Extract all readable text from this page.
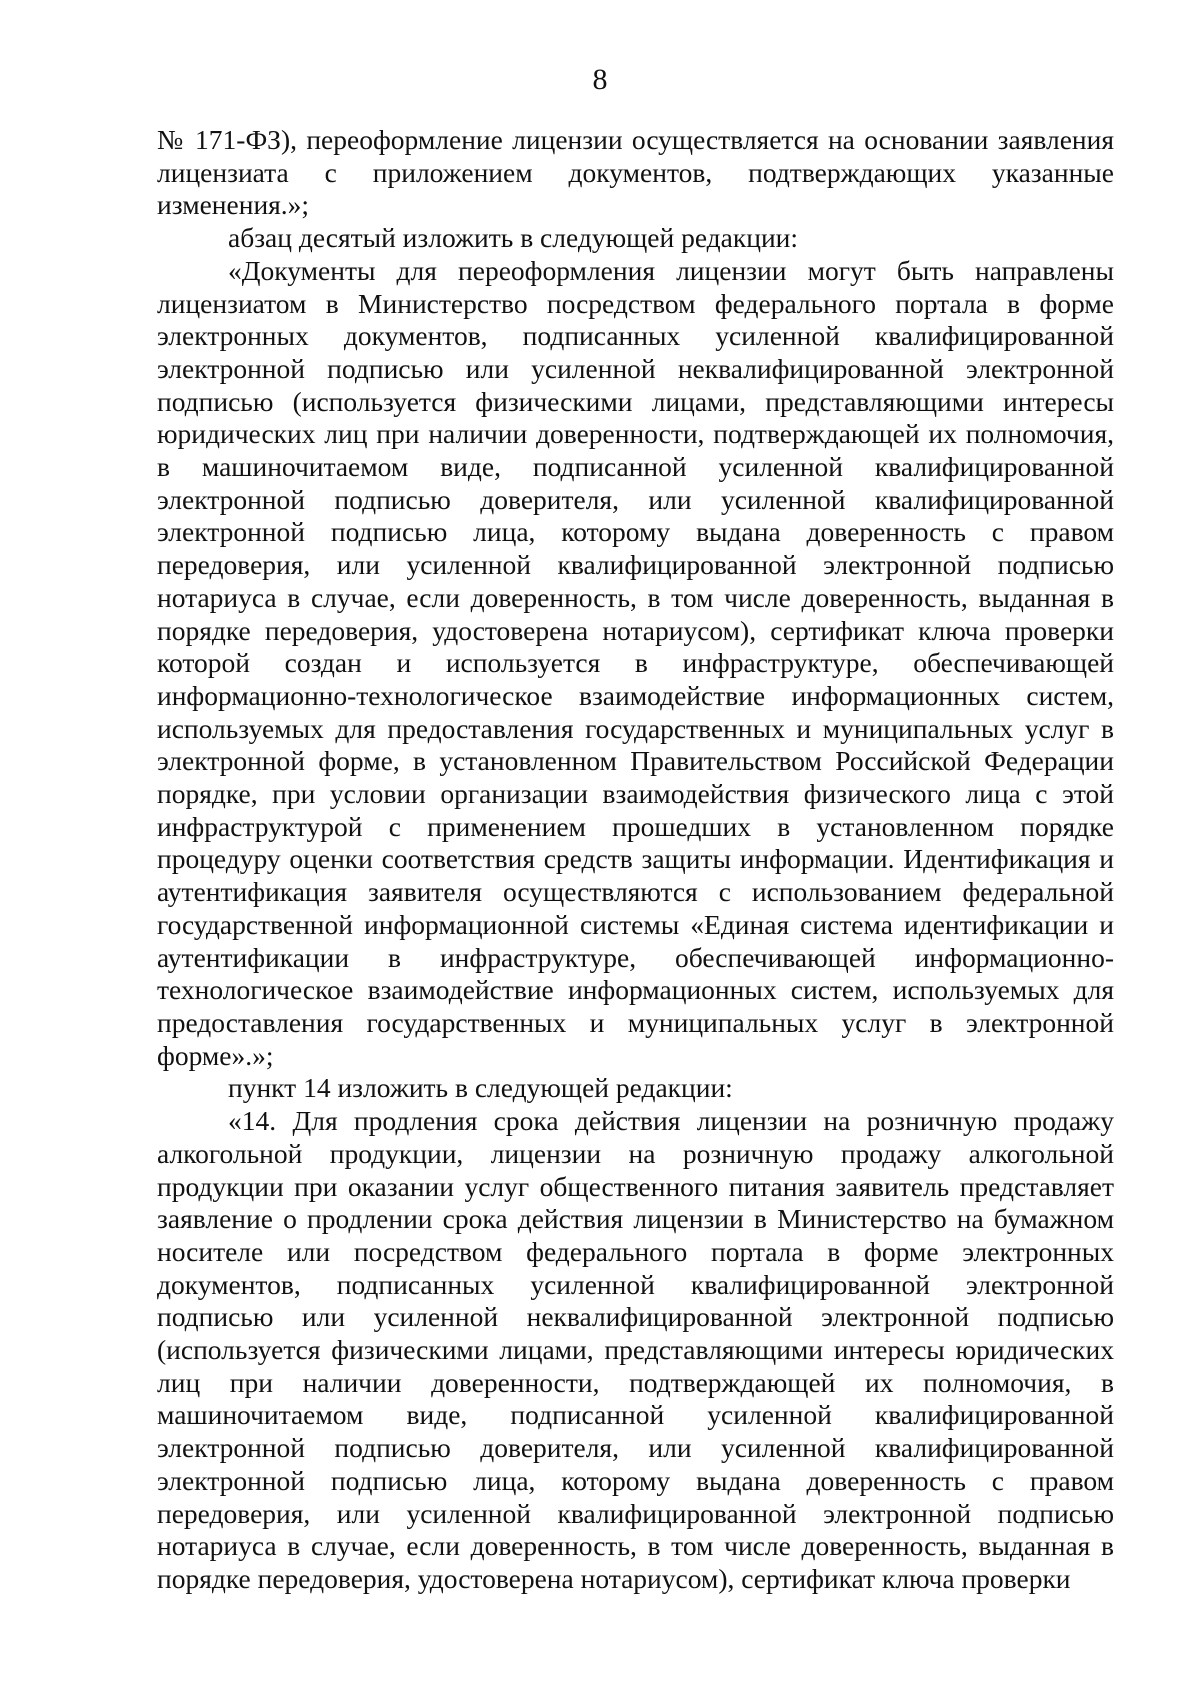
8

№ 171-ФЗ), переоформление лицензии осуществляется на основании заявления лицензиата с приложением документов, подтверждающих указанные изменения.»;

абзац десятый изложить в следующей редакции:

«Документы для переоформления лицензии могут быть направлены лицензиатом в Министерство посредством федерального портала в форме электронных документов, подписанных усиленной квалифицированной электронной подписью или усиленной неквалифицированной электронной подписью (используется физическими лицами, представляющими интересы юридических лиц при наличии доверенности, подтверждающей их полномочия, в машиночитаемом виде, подписанной усиленной квалифицированной электронной подписью доверителя, или усиленной квалифицированной электронной подписью лица, которому выдана доверенность с правом передоверия, или усиленной квалифицированной электронной подписью нотариуса в случае, если доверенность, в том числе доверенность, выданная в порядке передоверия, удостоверена нотариусом), сертификат ключа проверки которой создан и используется в инфраструктуре, обеспечивающей информационно-технологическое взаимодействие информационных систем, используемых для предоставления государственных и муниципальных услуг в электронной форме, в установленном Правительством Российской Федерации порядке, при условии организации взаимодействия физического лица с этой инфраструктурой с применением прошедших в установленном порядке процедуру оценки соответствия средств защиты информации. Идентификация и аутентификация заявителя осуществляются с использованием федеральной государственной информационной системы «Единая система идентификации и аутентификации в инфраструктуре, обеспечивающей информационно-технологическое взаимодействие информационных систем, используемых для предоставления государственных и муниципальных услуг в электронной форме».»;

пункт 14 изложить в следующей редакции:

«14. Для продления срока действия лицензии на розничную продажу алкогольной продукции, лицензии на розничную продажу алкогольной продукции при оказании услуг общественного питания заявитель представляет заявление о продлении срока действия лицензии в Министерство на бумажном носителе или посредством федерального портала в форме электронных документов, подписанных усиленной квалифицированной электронной подписью или усиленной неквалифицированной электронной подписью (используется физическими лицами, представляющими интересы юридических лиц при наличии доверенности, подтверждающей их полномочия, в машиночитаемом виде, подписанной усиленной квалифицированной электронной подписью доверителя, или усиленной квалифицированной электронной подписью лица, которому выдана доверенность с правом передоверия, или усиленной квалифицированной электронной подписью нотариуса в случае, если доверенность, в том числе доверенность, выданная в порядке передоверия, удостоверена нотариусом), сертификат ключа проверки
